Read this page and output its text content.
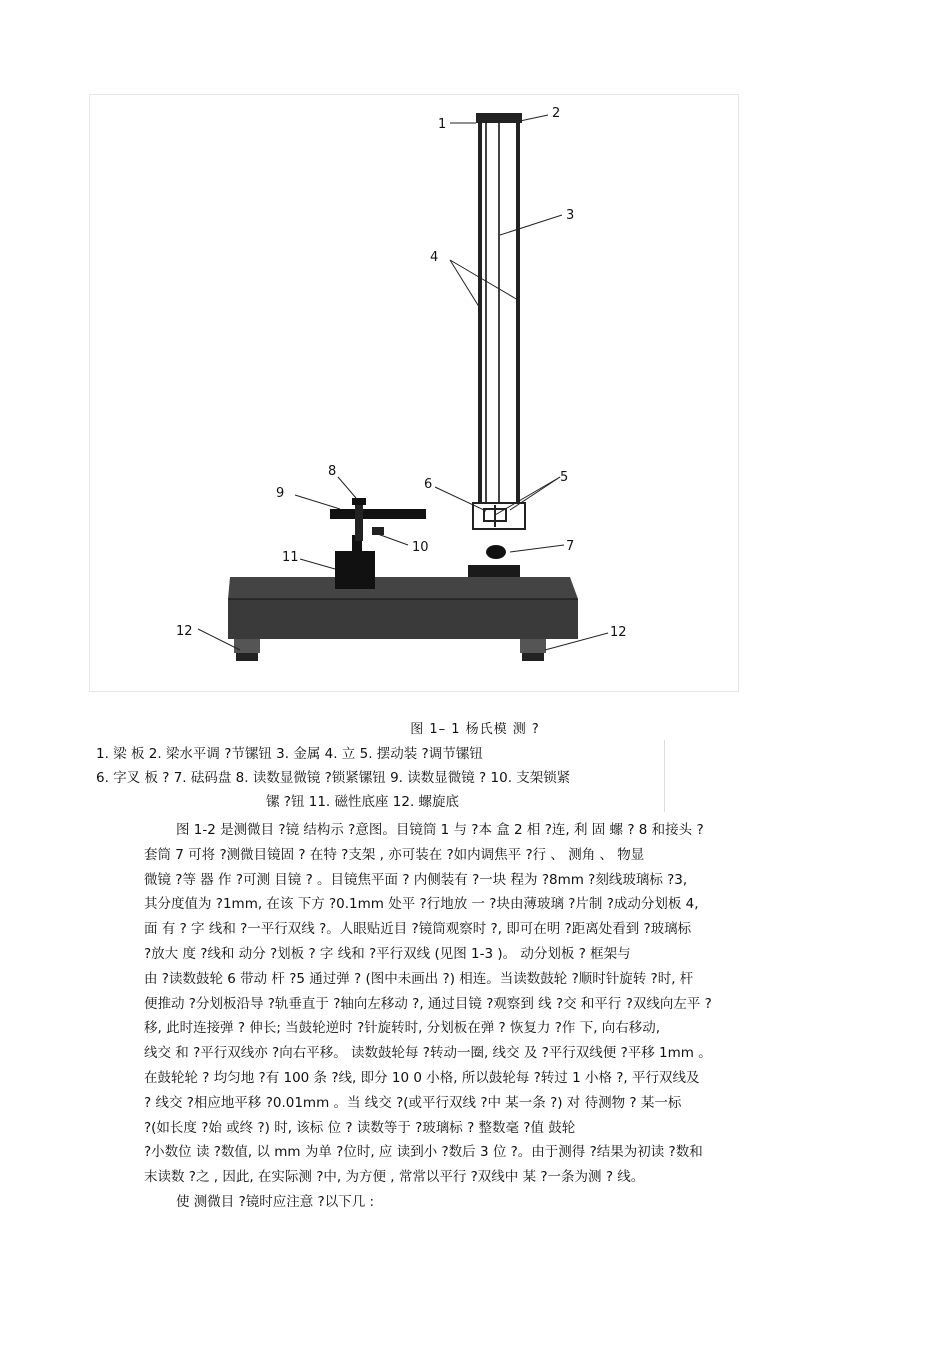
1
2
3
4
5
6
7
8
9
10
11
12	12
图 1– 1 杨氏模 测 ?
1. 梁 板 2. 梁水平调 ?节镙钮 3. 金属 4. 立 5. 摆动装 ?调节镙钮
6. 字叉 板 ? 7. 砝码盘 8. 读数显微镜 ?锁紧镙钮 9. 读数显微镜 ? 10. 支架锁紧
镙 ?钮 11. 磁性底座 12. 螺旋底
图 1-2 是测微目 ?镜 结构示 ?意图。目镜筒 1 与 ?本 盒 2 相 ?连, 利 固 螺 ? 8 和接头 ?
套筒 7 可将 ?测微目镜固 ? 在特 ?支架 , 亦可装在 ?如内调焦平 ?行 、 测角 、 物显
微镜 ?等 器 作 ?可测 目镜 ? 。目镜焦平面 ? 内侧装有 ?一块 程为 ?8mm ?刻线玻璃标 ?3,
其分度值为 ?1mm, 在该 下方 ?0.1mm 处平 ?行地放 一 ?块由薄玻璃 ?片制 ?成动分划板 4,
面 有 ? 字 线和 ?一平行双线 ?。人眼贴近目 ?镜筒观察时 ?, 即可在明 ?距离处看到 ?玻璃标
?放大 度 ?线和 动分 ?划板 ? 字 线和 ?平行双线 (见图 1-3 )。 动分划板 ? 框架与
由 ?读数鼓轮 6 带动 杆 ?5 通过弹 ? (图中未画出 ?) 相连。当读数鼓轮 ?顺时针旋转 ?时, 杆
便推动 ?分划板沿导 ?轨垂直于 ?轴向左移动 ?, 通过目镜 ?观察到 线 ?交 和平行 ?双线向左平 ?
移, 此时连接弹 ? 伸长; 当鼓轮逆时 ?针旋转时, 分划板在弹 ? 恢复力 ?作 下, 向右移动,
线交 和 ?平行双线亦 ?向右平移。 读数鼓轮每 ?转动一圈, 线交 及 ?平行双线便 ?平移 1mm 。
在鼓轮轮 ? 均匀地 ?有 100 条 ?线, 即分 10 0 小格, 所以鼓轮每 ?转过 1 小格 ?, 平行双线及
? 线交 ?相应地平移 ?0.01mm 。当 线交 ?(或平行双线 ?中 某一条 ?) 对 待测物 ? 某一标
?(如长度 ?始 或终 ?) 时, 该标 位 ? 读数等于 ?玻璃标 ? 整数毫 ?值 鼓轮
?小数位 读 ?数值, 以 mm 为单 ?位时, 应 读到小 ?数后 3 位 ?。由于测得 ?结果为初读 ?数和
末读数 ?之 , 因此, 在实际测 ?中, 为方便 , 常常以平行 ?双线中 某 ?一条为测 ? 线。
使 测微目 ?镜时应注意 ?以下几 :
